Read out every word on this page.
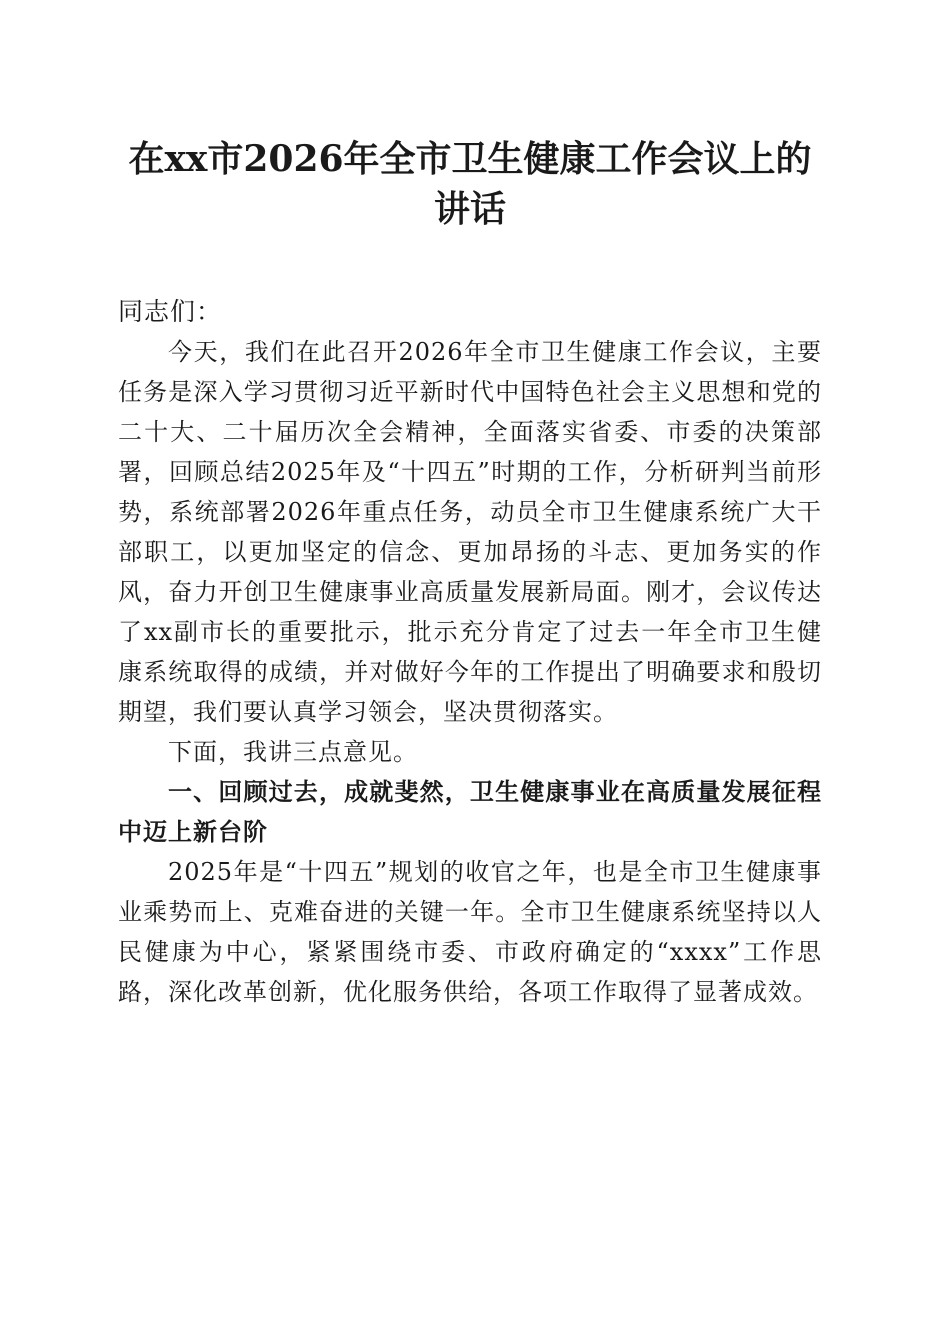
在xx市2026年全市卫生健康工作会议上的讲话

同志们：

今天，我们在此召开2026年全市卫生健康工作会议，主要任务是深入学习贯彻习近平新时代中国特色社会主义思想和党的二十大、二十届历次全会精神，全面落实省委、市委的决策部署，回顾总结2025年及“十四五”时期的工作，分析研判当前形势，系统部署2026年重点任务，动员全市卫生健康系统广大干部职工，以更加坚定的信念、更加昂扬的斗志、更加务实的作风，奋力开创卫生健康事业高质量发展新局面。刚才，会议传达了xx副市长的重要批示，批示充分肯定了过去一年全市卫生健康系统取得的成绩，并对做好今年的工作提出了明确要求和殷切期望，我们要认真学习领会，坚决贯彻落实。

下面，我讲三点意见。

一、回顾过去，成就斐然，卫生健康事业在高质量发展征程中迈上新台阶

2025年是“十四五”规划的收官之年，也是全市卫生健康事业乘势而上、克难奋进的关键一年。全市卫生健康系统坚持以人民健康为中心，紧紧围绕市委、市政府确定的“xxxx”工作思路，深化改革创新，优化服务供给，各项工作取得了显著成效。
